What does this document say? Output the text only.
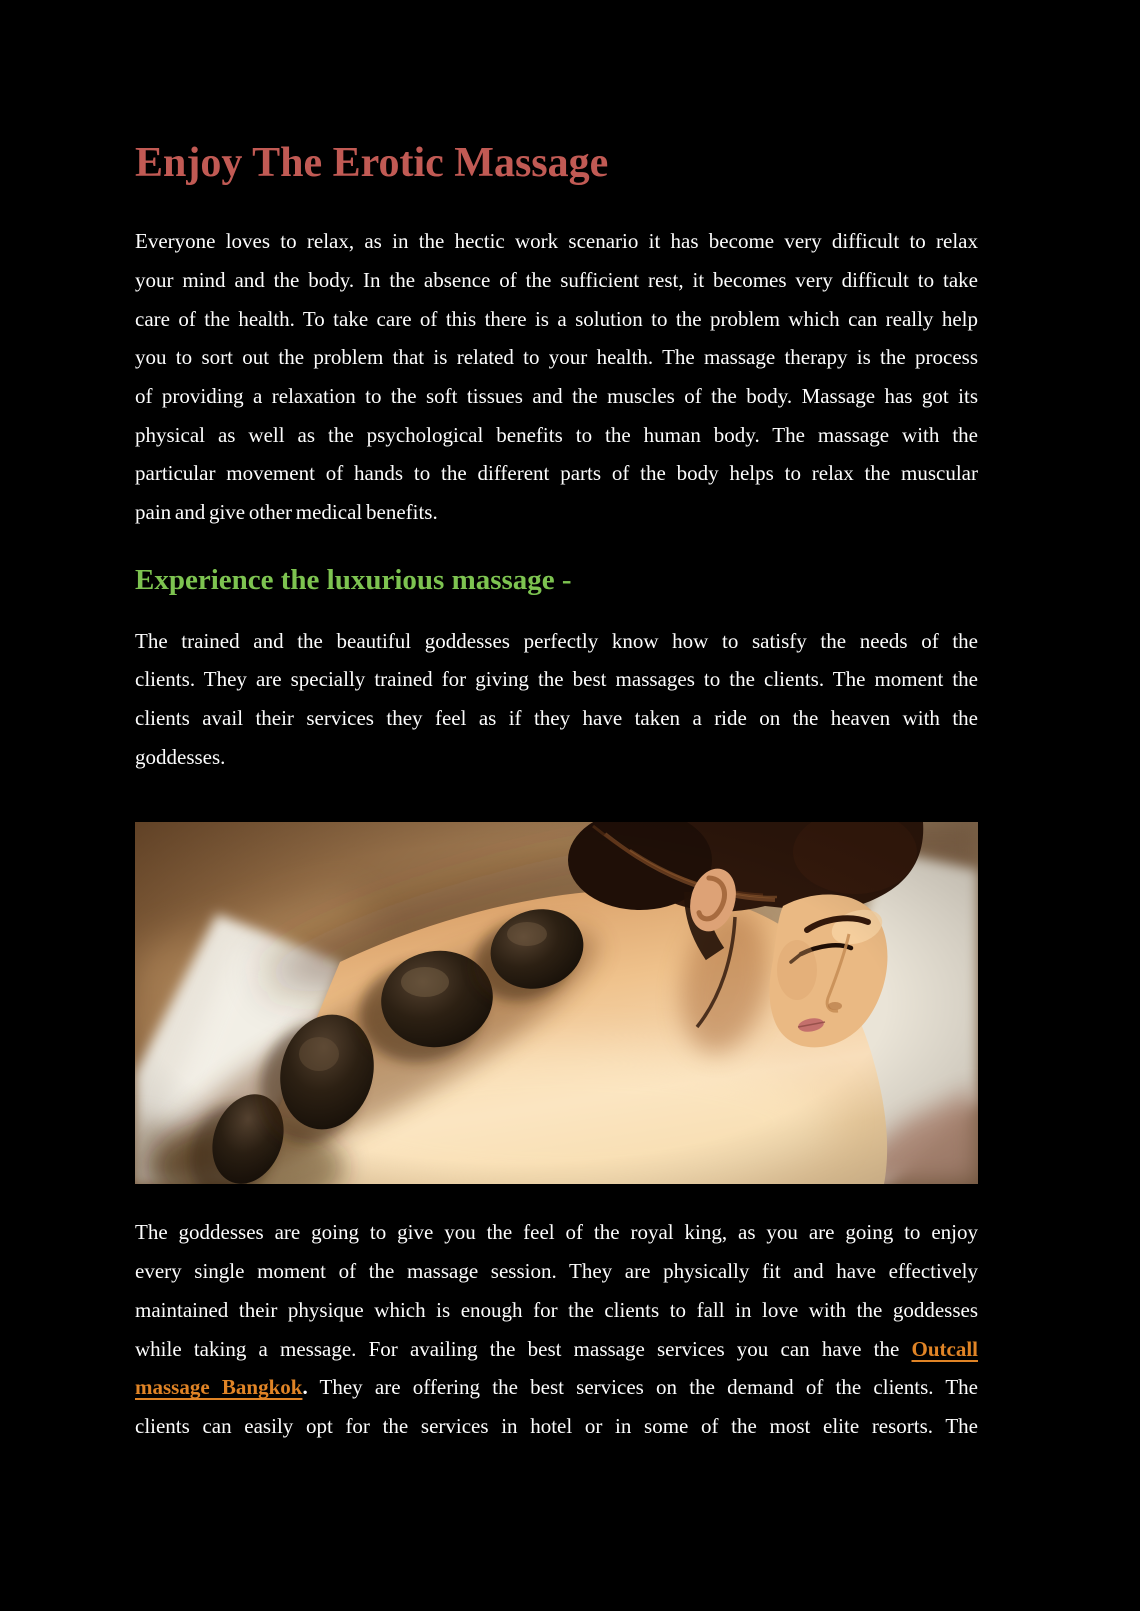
Enjoy The Erotic Massage
Everyone loves to relax, as in the hectic work scenario it has become very difficult to relax
your mind and the body. In the absence of the sufficient rest, it becomes very difficult to take
care of the health. To take care of this there is a solution to the problem which can really help
you to sort out the problem that is related to your health. The massage therapy is the process
of providing a relaxation to the soft tissues and the muscles of the body. Massage has got its
physical as well as the psychological benefits to the human body. The massage with the
particular movement of hands to the different parts of the body helps to relax the muscular
pain and give other medical benefits.
Experience the luxurious massage -
The trained and the beautiful goddesses perfectly know how to satisfy the needs of the
clients. They are specially trained for giving the best massages to the clients. The moment the
clients avail their services they feel as if they have taken a ride on the heaven with the
goddesses.
The goddesses are going to give you the feel of the royal king, as you are going to enjoy
every single moment of the massage session. They are physically fit and have effectively
maintained their physique which is enough for the clients to fall in love with the goddesses
while taking a message. For availing the best massage services you can have the Outcall
massage Bangkok. They are offering the best services on the demand of the clients. The
clients can easily opt for the services in hotel or in some of the most elite resorts. The
